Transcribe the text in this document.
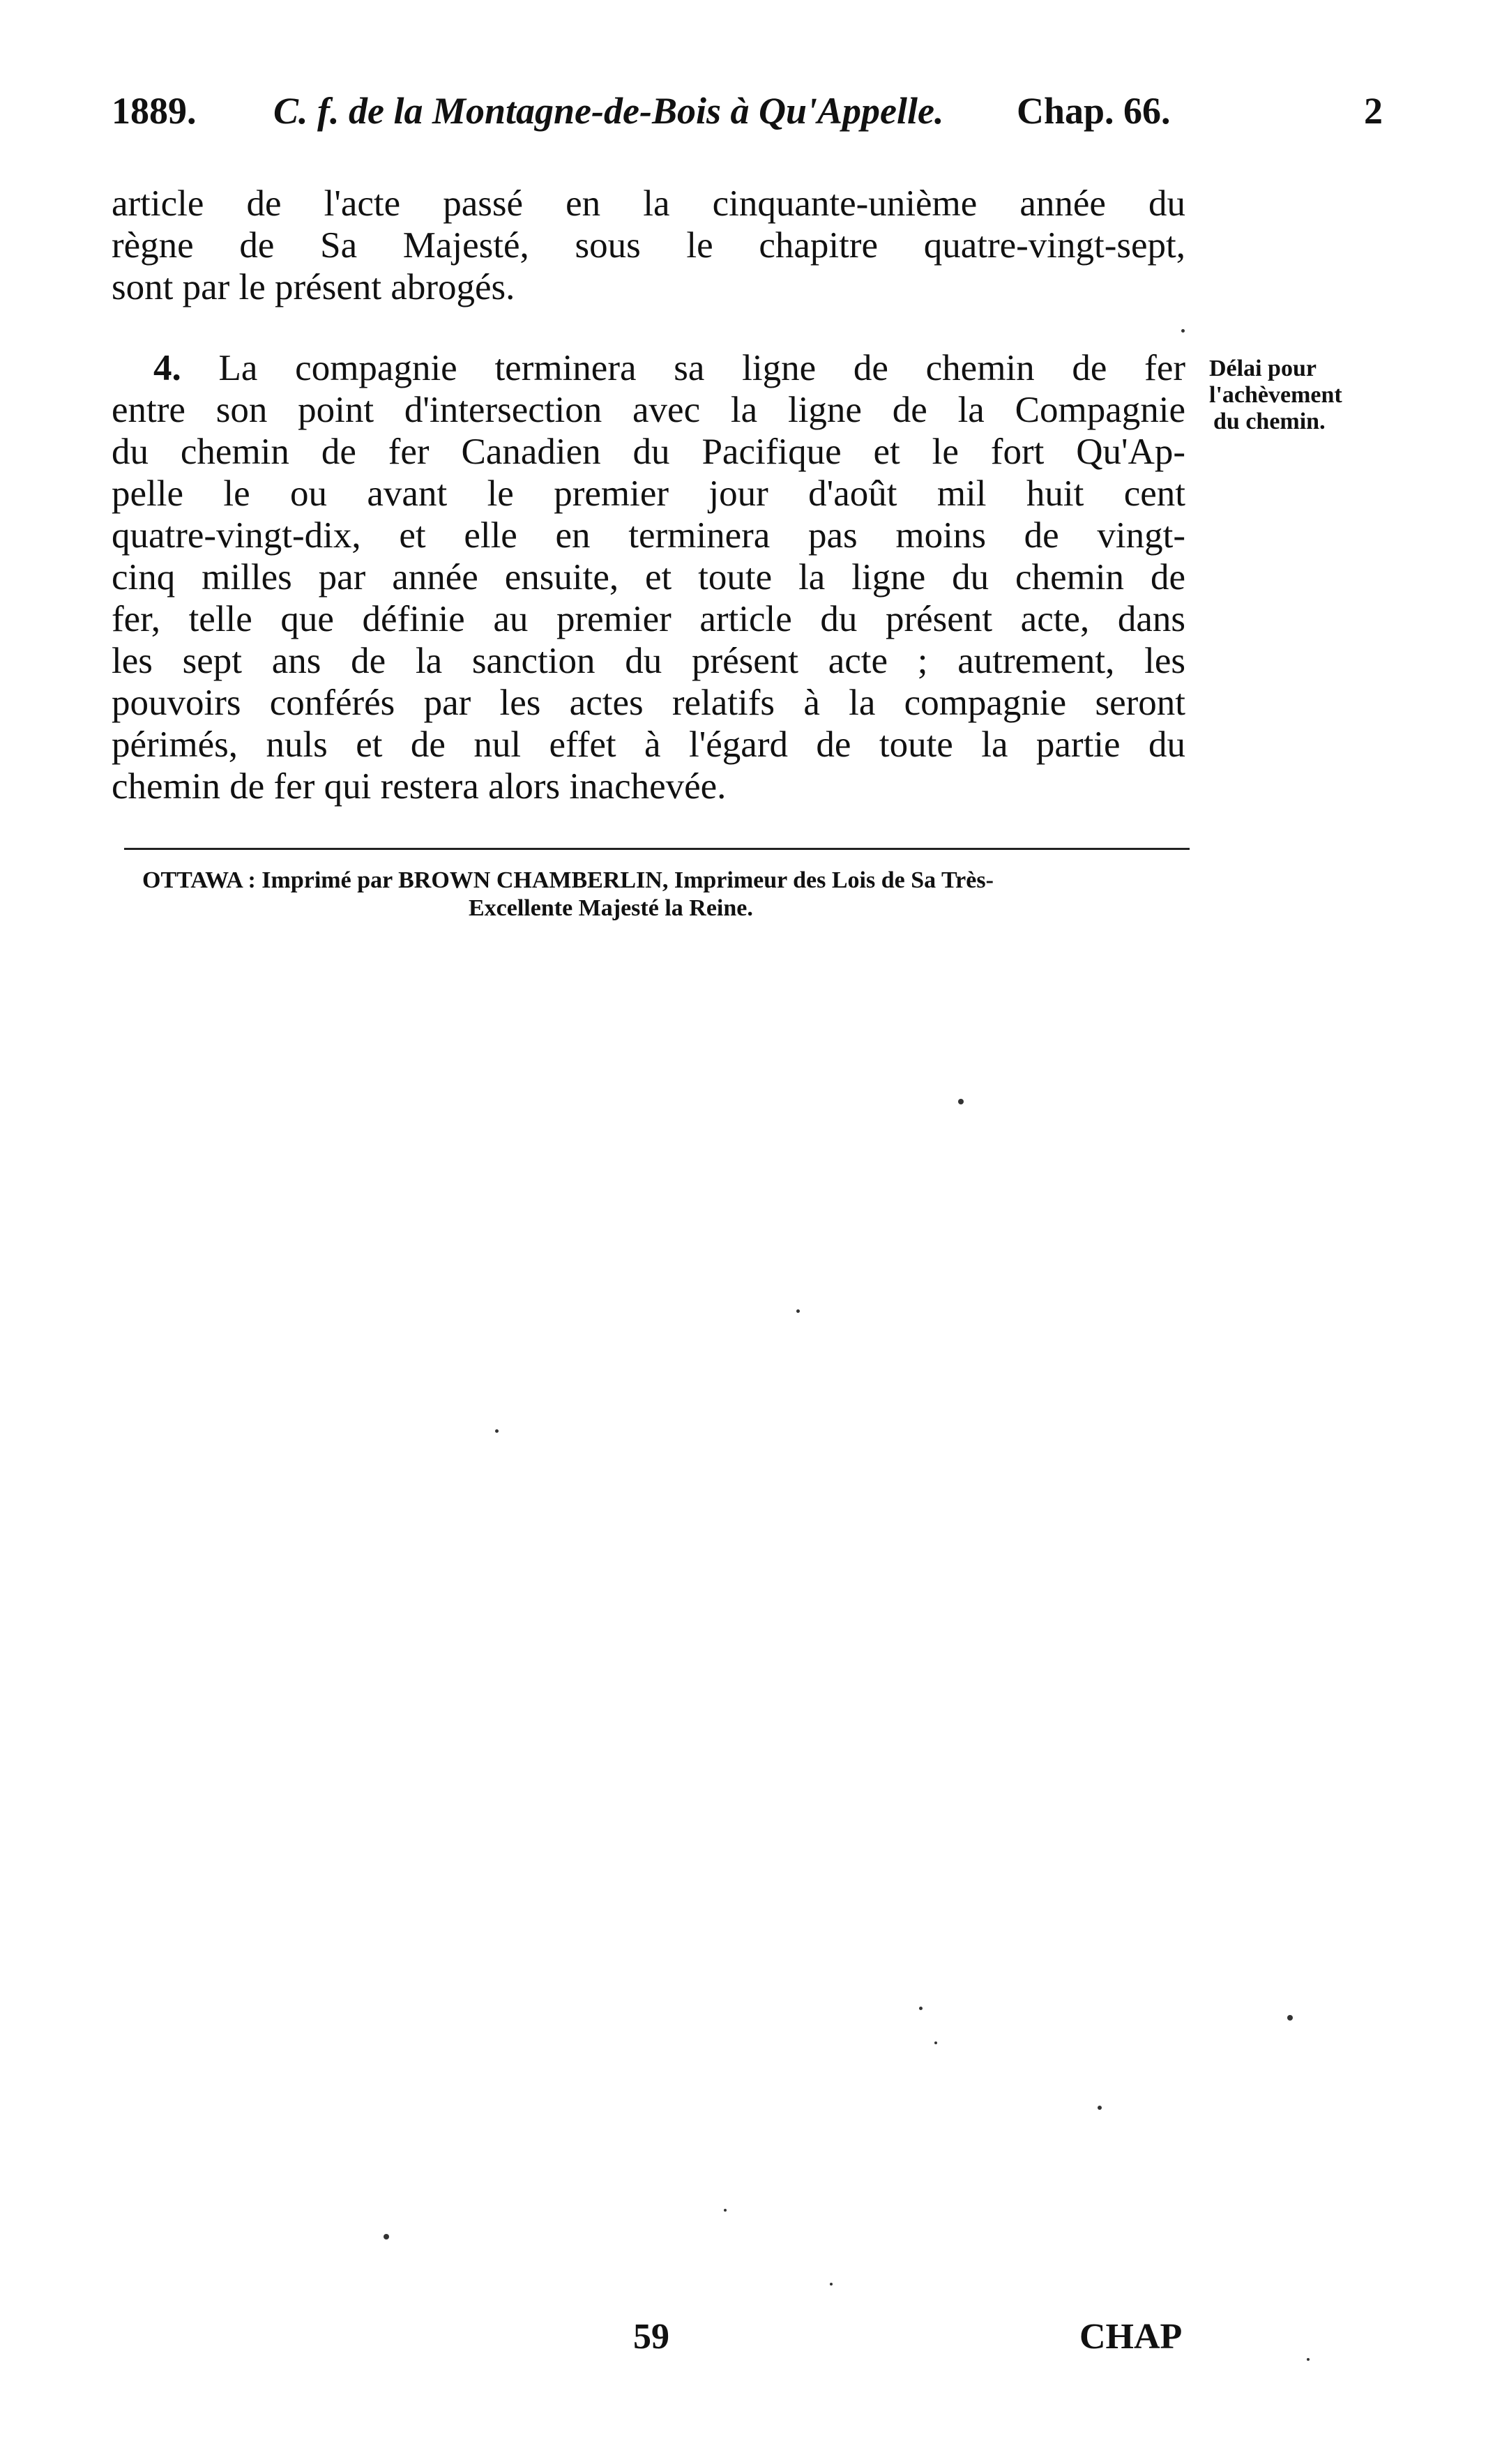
1889. C. f. de la Montagne-de-Bois à Qu'Appelle. Chap. 66.	2
article de l'acte passé en la cinquante-unième année du
règne de Sa Majesté, sous le chapitre quatre-vingt-sept,
sont par le présent abrogés.
4. La compagnie terminera sa ligne de chemin de fer
entre son point d'intersection avec la ligne de la Compagnie
du chemin de fer Canadien du Pacifique et le fort Qu'Ap-
pelle le ou avant le premier jour d'août mil huit cent
quatre-vingt-dix, et elle en terminera pas moins de vingt-
cinq milles par année ensuite, et toute la ligne du chemin de
fer, telle que définie au premier article du présent acte, dans
les sept ans de la sanction du présent acte ; autrement, les
pouvoirs conférés par les actes relatifs à la compagnie seront
périmés, nuls et de nul effet à l'égard de toute la partie du
chemin de fer qui restera alors inachevée.
Délai pour
l'achèvement
du chemin.
OTTAWA : Imprimé par BROWN CHAMBERLIN, Imprimeur des Lois de Sa Très-
Excellente Majesté la Reine.
59	CHAP
